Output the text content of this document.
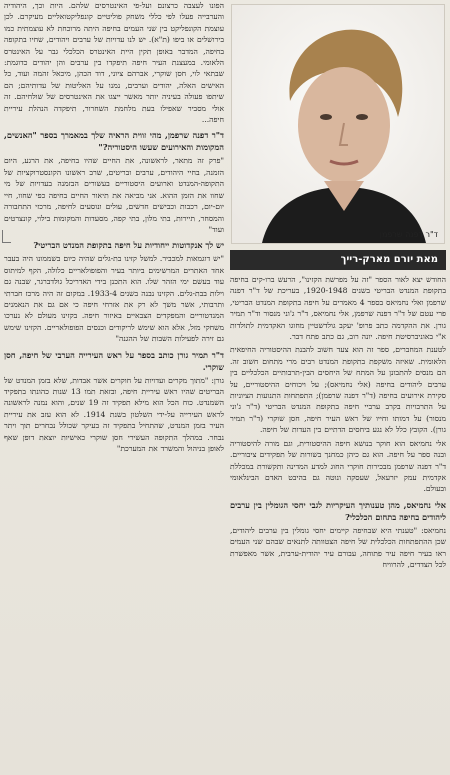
הפונו לעצבה כרצונם ועל-פי האינטרסים שלהם. היות וכך, היהודיה והערבייה פעלו לפי כללי משחק פוליטיים קונפליקטואליים מעיקרם. לכן עוצמת הקונפליקט בין שני העמים בחיפה היתה מרוכחת לא עוצמתית כמו בירושלים או ביפו (ת"א). יש לנו עדויות של ערבים ויהודים, שחיו בתקופה בחיפה, המדבר באופן תקין היית האינטרס הכלכלי גבר על האינטרס הלאומי. במעצנת העיר חיפה תיפקדו בין ערבים והן יהודים כדוגמת: שבתאי לוי, חסן שוקרי, אברהם ציוני, דוד הכהן, מיכאל זהמה ועוד, כל האישים האלה, יהודים וערבים, נמנו על האליטות של עדותיהם; הם שיתפו פעולה בעיניה יותר מאשר ייצגו את האינטרסים של שולחיהם. זה אולי מסביר שאפילו בעת מלחמת השחרור, תיפקדה הנהלת עיריית חיפה...
ד"ר דפנה שרפמן, מהי זווית הראיה שלך במאמרך בספר "האנשים, המקומות והאירועים שעשו היסטוריה?"
"פרק זה מתאר, לראשונה, את החיים שהיו בחיפה, את הרגע, היום הזמנה, בחיי היהודים, ערבים ובריטים, שרב ראשונו הקונסטרוקציות של התקופה-המנדט וארועים היסטוריים בעשורים הבזמנה בעדויות של מי שחוו את הזמן ההוא. אני מביאה את תיאור החיים בחיפה כפי שחוו, חיי יום-יום, רכבות וכבישים חדשים, עולים ונוסעים לחיפה, מרכזי התחבורה והמסחר, תיירות, בתי מלון, בתי קפה, מסעדות והמקומות בילוי, קונצרטים ועוד"
יש לך אנקדוטות ייחודיות על חיפה בתקופת המנדט הבריטי?
"יש דוגמאות למכביר. למשל קזינו בת-גלים שהיה כיום בשממונו היה בעבר אחד האתרים המרשימים ביותר בעיר והפופולאריים כלולה, הקף למיתוס עוד בעשם ימי הזהר שלו. הוא התכנן בידי האדריכל גולדברגר, שבנה גם וילות בבת-גלים. הקזינו נבנה בשנים 1933-4. במקום זה היה מרכז חברתי ותרבותי, אשר משך לא רק את אזרחי חיפה כי אם גם את הנאמנים המנדטוריים והמפקדים הצבאיים באיזור חיפה. בקזינו מעולם לא נערכו משחקי מזל, אלא הוא שימש לריקודים וכנסים הפופולאריים. הקזינו שימש גם זירה לפעילות השבות של ההגנה"
ד"ר תמיר גורן כותב בספר על ראש העירייה הערבי של חיפה, חסן שוקרי.
גורן: "מתוך מקרים ועדויות על חוקרים אשר אבדות, שלא בזמן המנדט של הבריטים שהיו ראש עיריית חיפה, ובזאת תמו 13 שנות כהונתו בתפקיד השמנדט. כוח הכל הוא מילא תפקיד זה 19 שנים, והוא נמנה לראשונה לראש העירייה על-ידי השלטון בשנת 1914. לא הוא עזב את עיריית העיר בזמן המנדט, שהתחיל בתפקיד זה בעיקר שכולל נבחרים תוך ויתר נבחר. במהלך התקופה העשירי חסן שוקרי כאישיות יוצאת דופן שאף לאופן בניהול והמשרד את המערכת"
ד"ר דפנה שרפמן
מאת יורם מארק-רייך
החודש יצא לאור הספר "זה על מפרשת הקזינו", הרעש ברו-קים בחיפה בתקופת המנדט הבריטי בשנים 1920-1948, בעריכת של ד"ר דפנה שרפמן ואלי נחמיאס בספר 4 מאמרים על חיפה בתקופת המנדט הבריטי, פרי עטם של ד"ר דפנה שרפמן, אלי נחמיאס, ד"ר ג'וני מנסור וד"ר תמיר גורן. את ההקדמה כתב פרופ' יעקב גולדשטיין מחוגו האקדמית לתולדות א"י באוניברסיטת חיפה. יונה רוב, גם כתב פתח דבר.
לטענת המחברים, ספר זה הוא צעד חשוב להבנת ההיסטוריה החיפאית הלאומית. שאיזה משקפת בתקופת המנדט רבים מרי מתחום חשוב זה. הם מנסים להתבונן על המתח של היחסים הבין-תרבותיים הכלכליים בין ערבים ליהודים בחיפה (אלי נחמיאס); על ויכוחים ההיסטוריים, על סקירת אירועים בחיפה (ד"ר דפנה שרפמן); התפתחות התנועות הציוניות על התרבויות בקרב ערביי חיפה בתקופת המנדט הבריטי (ד"ר ג'וני מנסור) על דמותו וחייו של ראש העיר חיפה, חסן שוקרי (ד"ר תמיר גורן). הקובץ כלל לא נגע ביחסים הדתיים בין העדות של חיפה.
אלי נחמיאס הוא חוקר בנושא חיפה ההיסטורית, וגם מורה להיסטוריה ובנה ספר על חיפה. הוא גם כיהן כמחנך בשורות של תפקידים ציבוריים. ד"ר דפנה שרפמן מבכירות חוקרי החוג למדע המדינה ותקשורת במכללת אקדמית עמק יזרעאל, שעסקה ונוטה גם בהיבט האדם הבינלאומי ובעולם.
אלי נחמיאס, מהן טענותיך העיקריות לגבי יחסי הגומלין בין ערבים ליהודים בחיפה בתחום הכלכלי?
נחמיאס: "טענתי היא שבחיפה קיימים יחסי גומלין בין ערבים ליהודים, שכן ההתפתחות הכלכלית של חיפה הצטוותה לתנאים שבהם שני העמים ראו בעיר חיפה עיר פתוחה, עבורם עיר יהודית-ערבית, אשר מאפשרת לכל הצדדים, להרוויח
